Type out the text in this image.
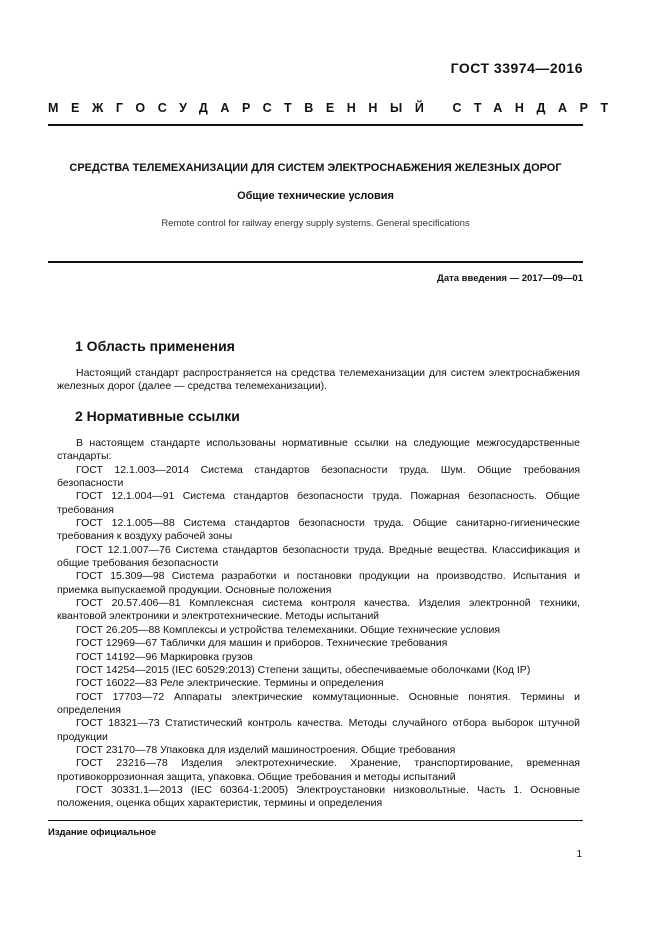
ГОСТ 33974—2016
МЕЖГОСУДАРСТВЕННЫЙ СТАНДАРТ
СРЕДСТВА ТЕЛЕМЕХАНИЗАЦИИ ДЛЯ СИСТЕМ ЭЛЕКТРОСНАБЖЕНИЯ ЖЕЛЕЗНЫХ ДОРОГ
Общие технические условия
Remote control for railway energy supply systems. General specifications
Дата введения — 2017—09—01
1 Область применения
Настоящий стандарт распространяется на средства телемеханизации для систем электроснабжения железных дорог (далее — средства телемеханизации).
2 Нормативные ссылки

В настоящем стандарте использованы нормативные ссылки на следующие межгосударственные стандарты:

ГОСТ 12.1.003—2014 Система стандартов безопасности труда. Шум. Общие требования безопасности

ГОСТ 12.1.004—91 Система стандартов безопасности труда. Пожарная безопасность. Общие требования

ГОСТ 12.1.005—88 Система стандартов безопасности труда. Общие санитарно-гигиенические требования к воздуху рабочей зоны

ГОСТ 12.1.007—76 Система стандартов безопасности труда. Вредные вещества. Классификация и общие требования безопасности

ГОСТ 15.309—98 Система разработки и постановки продукции на производство. Испытания и приемка выпускаемой продукции. Основные положения

ГОСТ 20.57.406—81 Комплексная система контроля качества. Изделия электронной техники, квантовой электроники и электротехнические. Методы испытаний

ГОСТ 26.205—88 Комплексы и устройства телемеханики. Общие технические условия

ГОСТ 12969—67 Таблички для машин и приборов. Технические требования

ГОСТ 14192—96 Маркировка грузов

ГОСТ 14254—2015 (IEC 60529:2013) Степени защиты, обеспечиваемые оболочками (Код IP)

ГОСТ 16022—83 Реле электрические. Термины и определения

ГОСТ 17703—72 Аппараты электрические коммутационные. Основные понятия. Термины и определения

ГОСТ 18321—73 Статистический контроль качества. Методы случайного отбора выборок штучной продукции

ГОСТ 23170—78 Упаковка для изделий машиностроения. Общие требования

ГОСТ 23216—78 Изделия электротехнические. Хранение, транспортирование, временная противокоррозионная защита, упаковка. Общие требования и методы испытаний

ГОСТ 30331.1—2013 (IEC 60364-1:2005) Электроустановки низковольтные. Часть 1. Основные положения, оценка общих характеристик, термины и определения

Издание официальное
1
